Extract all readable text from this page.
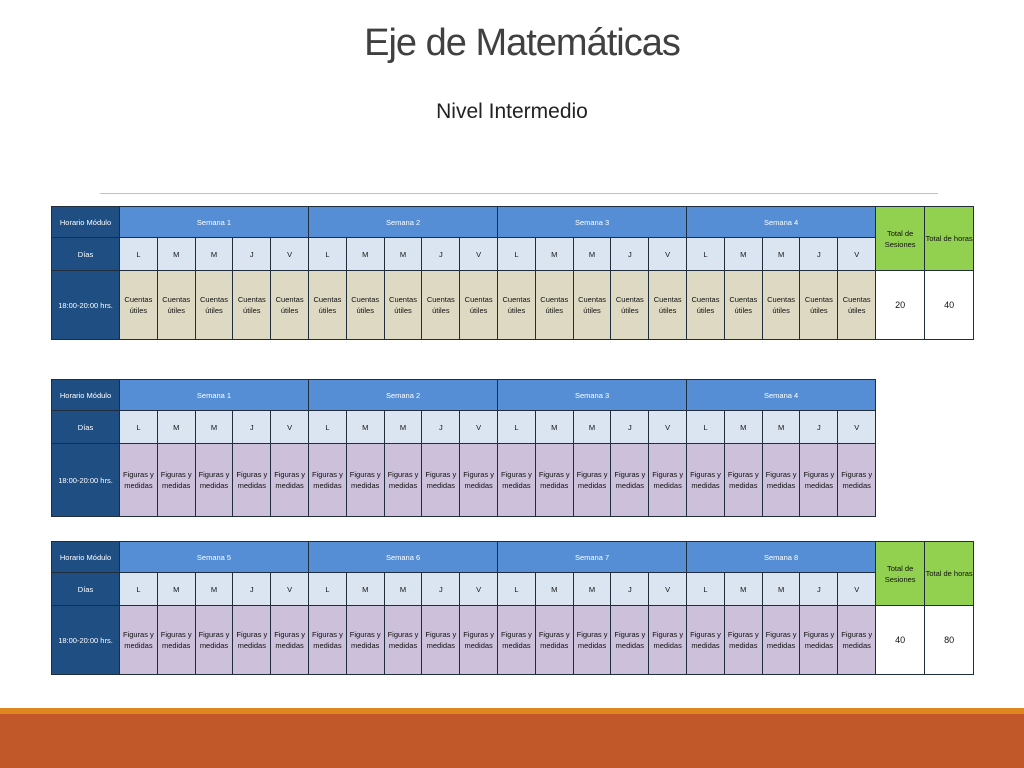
Eje de Matemáticas
Nivel Intermedio
Horario Módulo	Semana 1					Semana 2					Semana 3					Semana 4					Total de Sesiones	Total de horas
Días	L	M	M	J	V	L	M	M	J	V	L	M	M	J	V	L	M	M	J	V		
18:00-20:00 hrs.	Cuentas útiles	Cuentas útiles	Cuentas útiles	Cuentas útiles	Cuentas útiles	Cuentas útiles	Cuentas útiles	Cuentas útiles	Cuentas útiles	Cuentas útiles	Cuentas útiles	Cuentas útiles	Cuentas útiles	Cuentas útiles	Cuentas útiles	Cuentas útiles	Cuentas útiles	Cuentas útiles	Cuentas útiles	Cuentas útiles	20	40
Horario Módulo	Semana 1					Semana 2					Semana 3					Semana 4				
Días	L	M	M	J	V	L	M	M	J	V	L	M	M	J	V	L	M	M	J	V
18:00-20:00 hrs.	Figuras y medidas	Figuras y medidas	Figuras y medidas	Figuras y medidas	Figuras y medidas	Figuras y medidas	Figuras y medidas	Figuras y medidas	Figuras y medidas	Figuras y medidas	Figuras y medidas	Figuras y medidas	Figuras y medidas	Figuras y medidas	Figuras y medidas	Figuras y medidas	Figuras y medidas	Figuras y medidas	Figuras y medidas	Figuras y medidas
Horario Módulo	Semana 5					Semana 6					Semana 7					Semana 8					Total de Sesiones	Total de horas
Días	L	M	M	J	V	L	M	M	J	V	L	M	M	J	V	L	M	M	J	V		
18:00-20:00 hrs.	Figuras y medidas	Figuras y medidas	Figuras y medidas	Figuras y medidas	Figuras y medidas	Figuras y medidas	Figuras y medidas	Figuras y medidas	Figuras y medidas	Figuras y medidas	Figuras y medidas	Figuras y medidas	Figuras y medidas	Figuras y medidas	Figuras y medidas	Figuras y medidas	Figuras y medidas	Figuras y medidas	Figuras y medidas	Figuras y medidas	40	80
